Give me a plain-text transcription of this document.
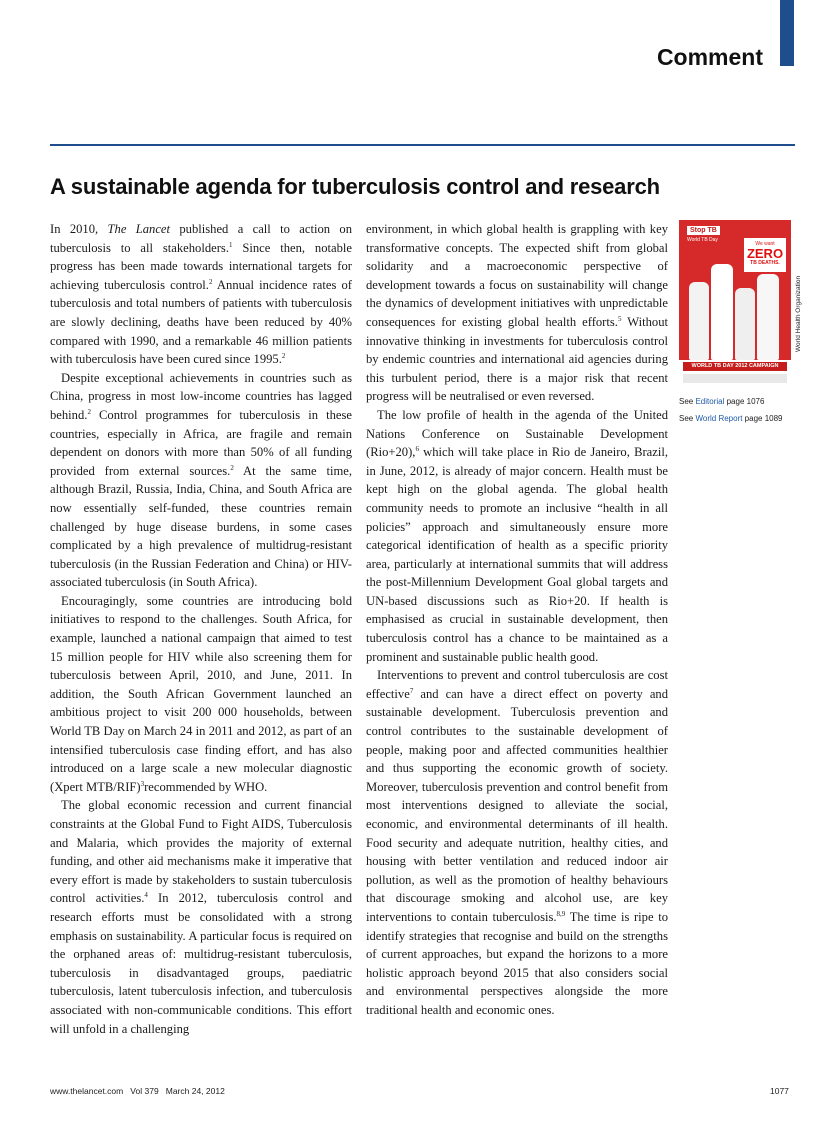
Comment
A sustainable agenda for tuberculosis control and research

In 2010, The Lancet published a call to action on tuberculosis to all stakeholders.$^1$ Since then, notable progress has been made towards international targets for achieving tuberculosis control.$^2$ Annual incidence rates of tuberculosis and total numbers of patients with tuberculosis are slowly declining, deaths have been reduced by 40% compared with 1990, and a remarkable 46 million patients with tuberculosis have been cured since 1995.$^2$

Despite exceptional achievements in countries such as China, progress in most low-income countries has lagged behind.$^2$ Control programmes for tuberculosis in these countries, especially in Africa, are fragile and remain dependent on donors with more than 50% of all funding provided from external sources.$^2$ At the same time, although Brazil, Russia, India, China, and South Africa are now essentially self-funded, these countries remain challenged by huge disease burdens, in some cases complicated by a high prevalence of multidrug-resistant tuberculosis (in the Russian Federation and China) or HIV-associated tuberculosis (in South Africa).

Encouragingly, some countries are introducing bold initiatives to respond to the challenges. South Africa, for example, launched a national campaign that aimed to test 15 million people for HIV while also screening them for tuberculosis between April, 2010, and June, 2011. In addition, the South African Government launched an ambitious project to visit 200 000 households, between World TB Day on March 24 in 2011 and 2012, as part of an intensified tuberculosis case finding effort, and has also introduced on a large scale a new molecular diagnostic (Xpert MTB/RIF)$^3$recommended by WHO.

The global economic recession and current financial constraints at the Global Fund to Fight AIDS, Tuberculosis and Malaria, which provides the majority of external funding, and other aid mechanisms make it imperative that every effort is made by stakeholders to sustain tuberculosis control activities.$^4$ In 2012, tuberculosis control and research efforts must be consolidated with a strong emphasis on sustainability. A particular focus is required on the orphaned areas of: multidrug-resistant tuberculosis, tuberculosis in disadvantaged groups, paediatric tuberculosis, latent tuberculosis infection, and tuberculosis associated with non-communicable conditions. This effort will unfold in a challenging

environment, in which global health is grappling with key transformative concepts. The expected shift from global solidarity and a macroeconomic perspective of development towards a focus on sustainability will change the dynamics of development initiatives with unpredictable consequences for existing global health efforts.$^5$ Without innovative thinking in investments for tuberculosis control by endemic countries and international aid agencies during this turbulent period, there is a major risk that recent progress will be neutralised or even reversed.

The low profile of health in the agenda of the United Nations Conference on Sustainable Development (Rio+20),$^6$ which will take place in Rio de Janeiro, Brazil, in June, 2012, is already of major concern. Health must be kept high on the global agenda. The global health community needs to promote an inclusive “health in all policies” approach and simultaneously ensure more categorical identification of health as a specific priority area, particularly at international summits that will address the post-Millennium Development Goal global targets and UN-based discussions such as Rio+20. If health is emphasised as crucial in sustainable development, then tuberculosis control has a chance to be maintained as a prominent and sustainable public health good.

Interventions to prevent and control tuberculosis are cost effective$^7$ and can have a direct effect on poverty and sustainable development. Tuberculosis prevention and control contributes to the sustainable development of people, making poor and affected communities healthier and thus supporting the economic growth of society. Moreover, tuberculosis prevention and control benefit from most interventions designed to alleviate the social, economic, and environmental determinants of ill health. Food security and adequate nutrition, healthy cities, and housing with better ventilation and reduced indoor air pollution, as well as the promotion of healthy behaviours that discourage smoking and alcohol use, are key interventions to contain tuberculosis.$^{8,9}$ The time is ripe to identify strategies that recognise and build on the strengths of current approaches, but expand the horizons to a more holistic approach beyond 2015 that also considers social and environmental perspectives alongside the more traditional health and economic ones.

Stop TB
World TB Day
We want
ZERO
TB DEATHS.
WORLD TB DAY 2012 CAMPAIGN
World Health Organization
See Editorial page 1076
See World Report page 1089
www.thelancet.com   Vol 379   March 24, 2012	1077
